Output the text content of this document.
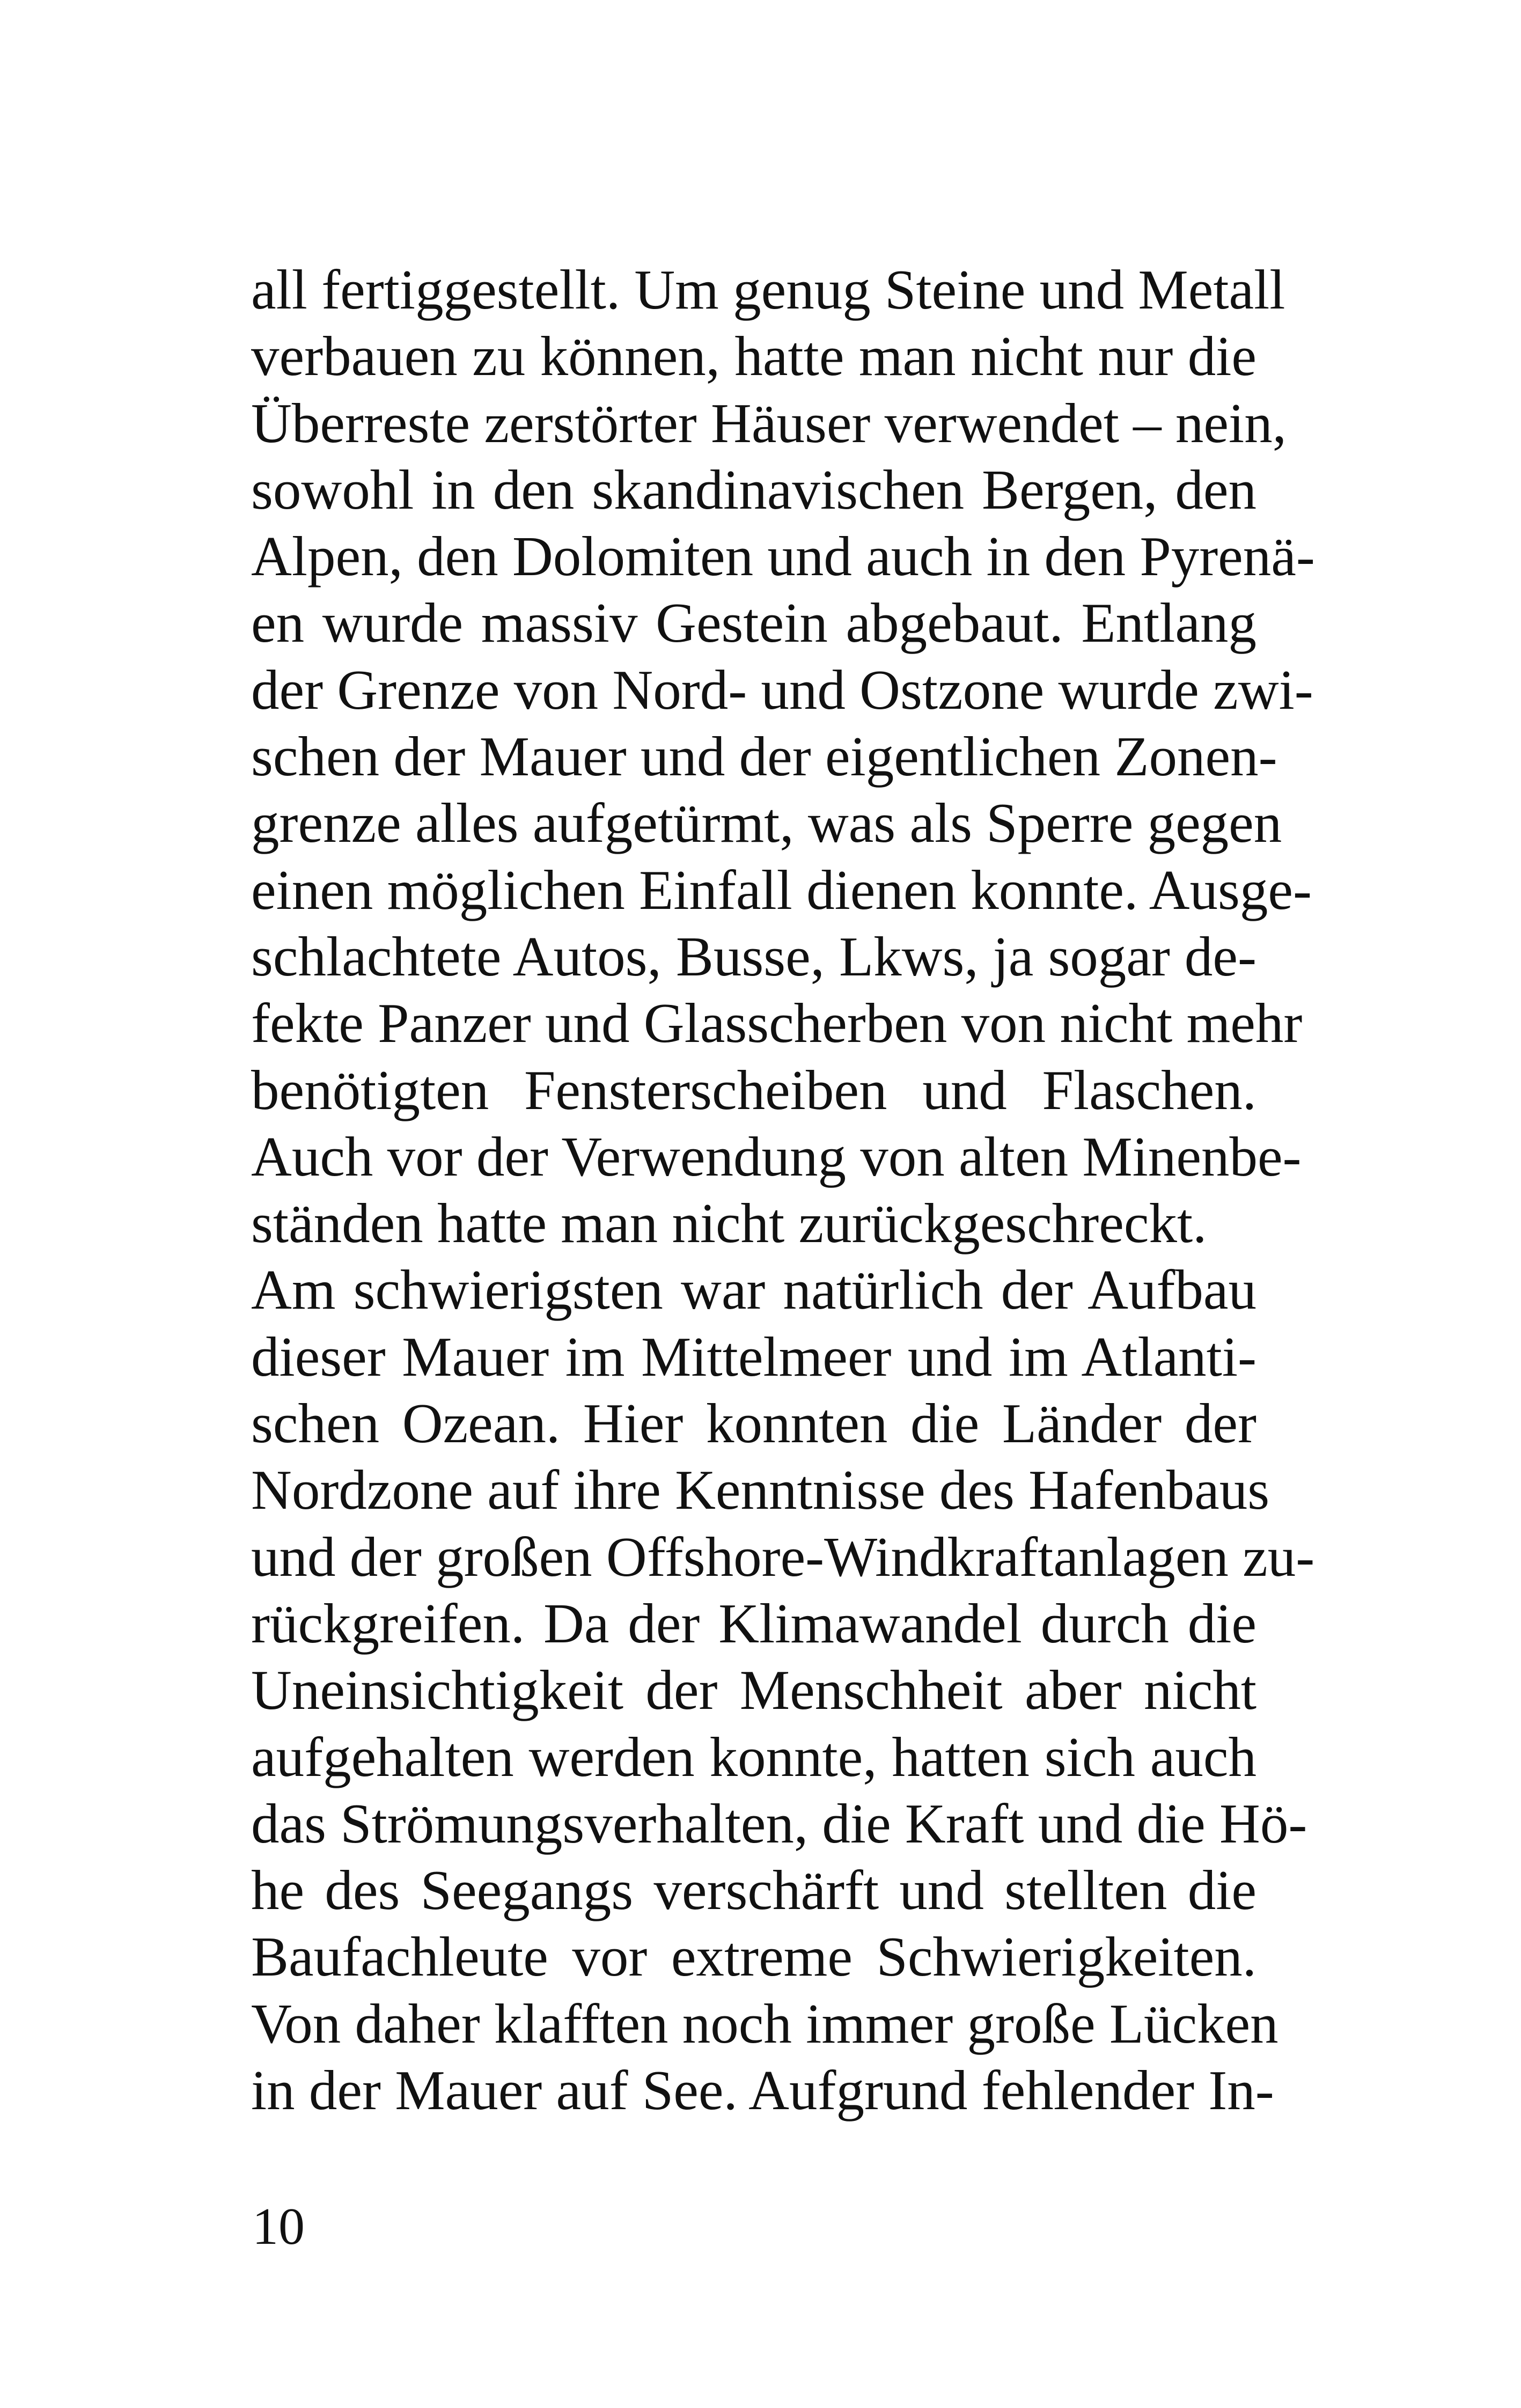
all fertiggestellt. Um genug Steine und Metall
verbauen zu können, hatte man nicht nur die
Überreste zerstörter Häuser verwendet – nein,
sowohl in den skandinavischen Bergen, den
Alpen, den Dolomiten und auch in den Pyrenä-
en wurde massiv Gestein abgebaut. Entlang
der Grenze von Nord- und Ostzone wurde zwi-
schen der Mauer und der eigentlichen Zonen-
grenze alles aufgetürmt, was als Sperre gegen
einen möglichen Einfall dienen konnte. Ausge-
schlachtete Autos, Busse, Lkws, ja sogar de-
fekte Panzer und Glasscherben von nicht mehr
benötigten Fensterscheiben und Flaschen.
Auch vor der Verwendung von alten Minenbe-
ständen hatte man nicht zurückgeschreckt.
Am schwierigsten war natürlich der Aufbau
dieser Mauer im Mittelmeer und im Atlanti-
schen Ozean. Hier konnten die Länder der
Nordzone auf ihre Kenntnisse des Hafenbaus
und der großen Offshore-Windkraftanlagen zu-
rückgreifen. Da der Klimawandel durch die
Uneinsichtigkeit der Menschheit aber nicht
aufgehalten werden konnte, hatten sich auch
das Strömungsverhalten, die Kraft und die Hö-
he des Seegangs verschärft und stellten die
Baufachleute vor extreme Schwierigkeiten.
Von daher klafften noch immer große Lücken
in der Mauer auf See. Aufgrund fehlender In-
10
